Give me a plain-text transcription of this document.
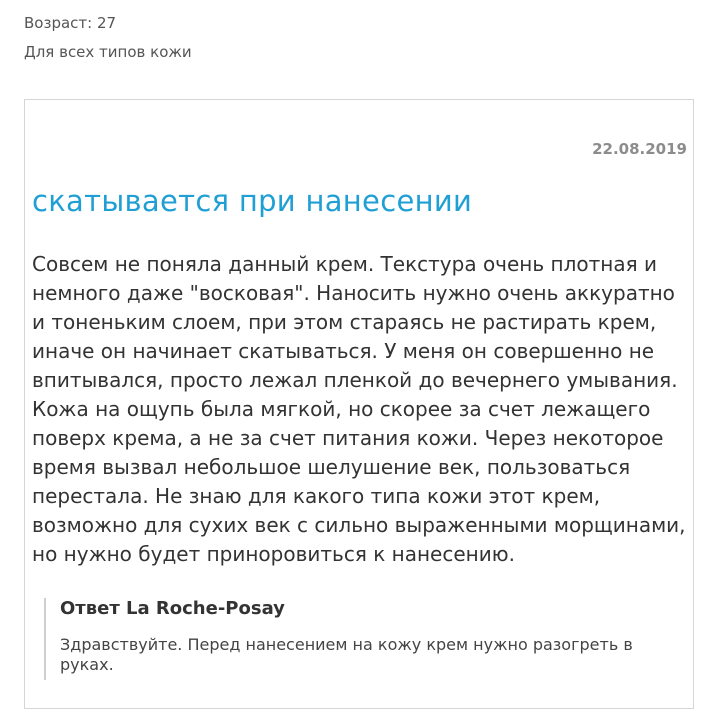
Возраст: 27
Для всех типов кожи
22.08.2019
скатывается при нанесении

Совсем не поняла данный крем. Текстура очень плотная и немного даже "восковая". Наносить нужно очень аккуратно и тоненьким слоем, при этом стараясь не растирать крем, иначе он начинает скатываться. У меня он совершенно не впитывался, просто лежал пленкой до вечернего умывания. Кожа на ощупь была мягкой, но скорее за счет лежащего поверх крема, а не за счет питания кожи. Через некоторое время вызвал небольшое шелушение век, пользоваться перестала. Не знаю для какого типа кожи этот крем, возможно для сухих век с сильно выраженными морщинами, но нужно будет приноровиться к нанесению.

Ответ La Roche-Posay

Здравствуйте. Перед нанесением на кожу крем нужно разогреть в руках.
